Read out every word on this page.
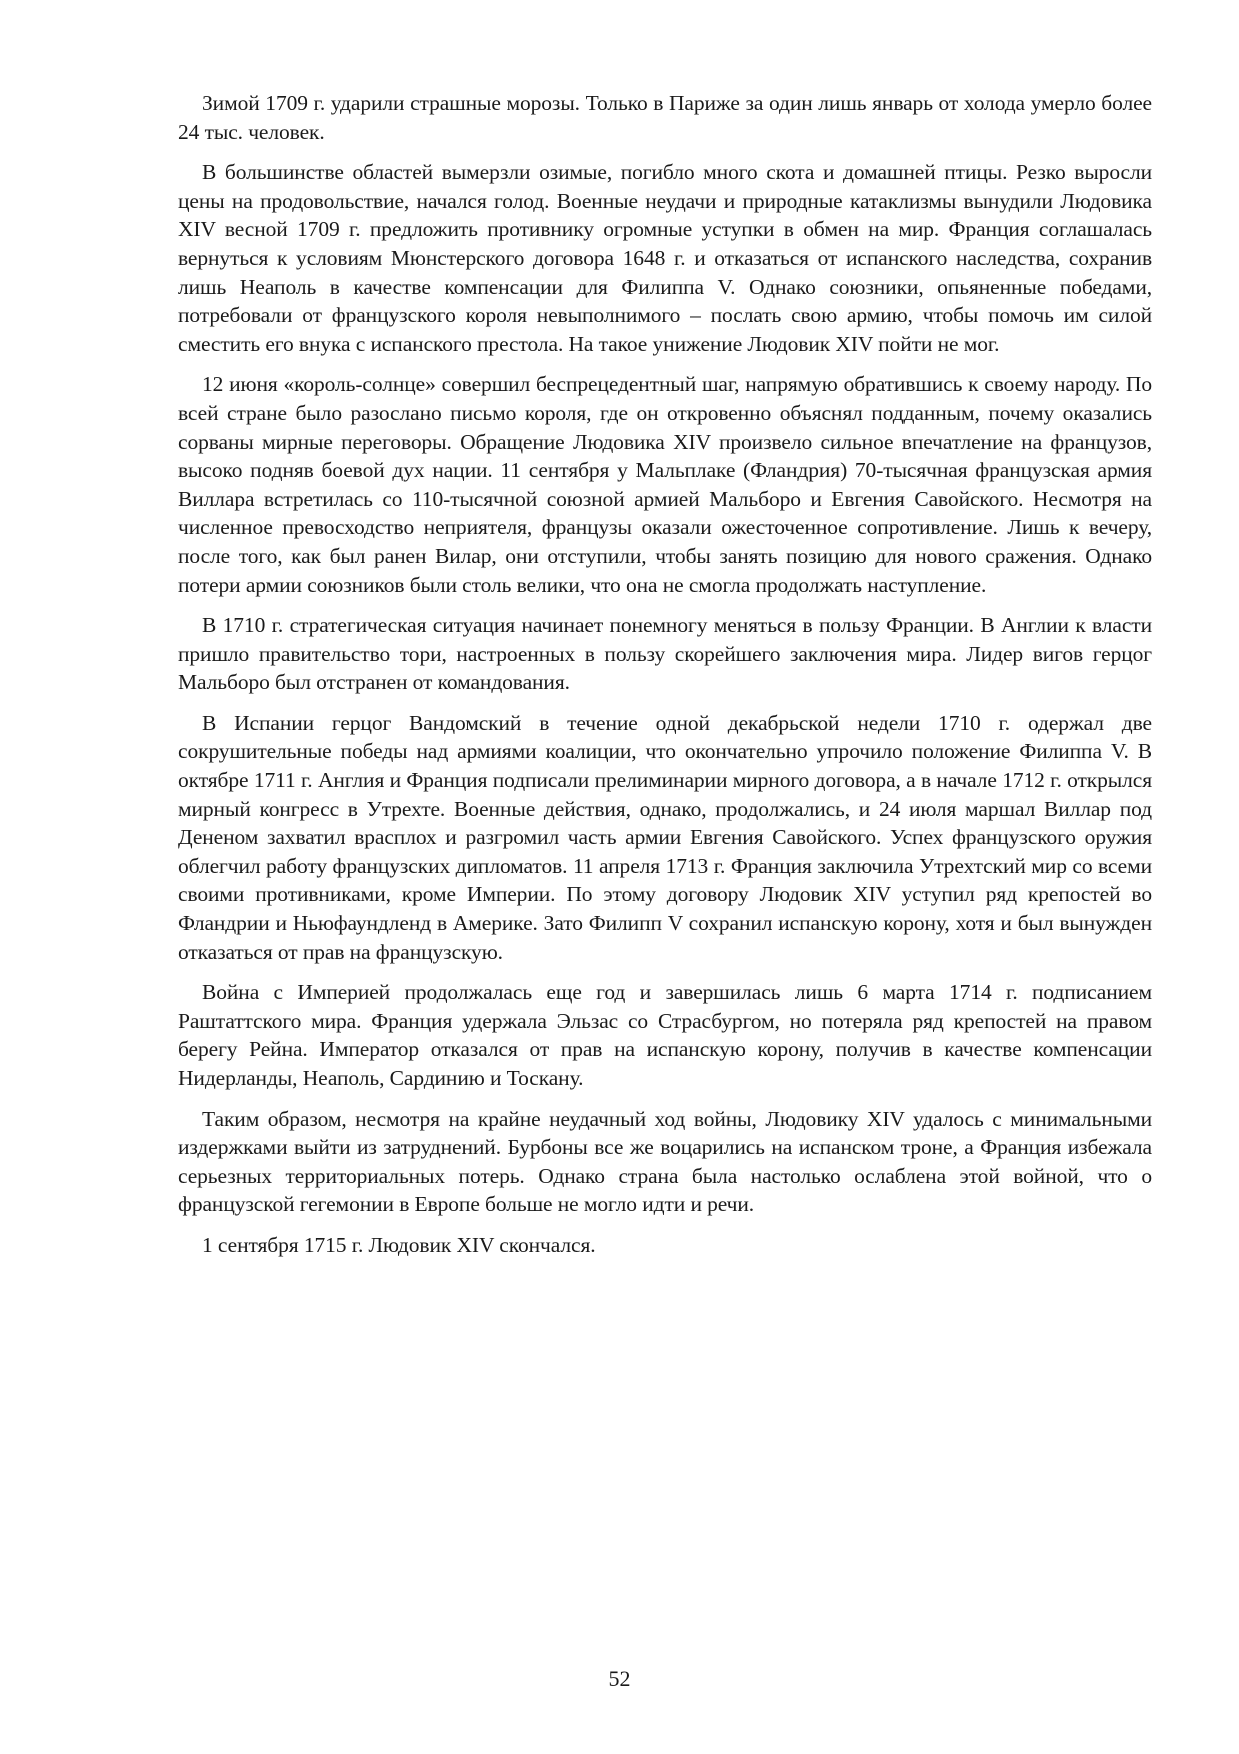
Зимой 1709 г. ударили страшные морозы. Только в Париже за один лишь январь от холода умерло более 24 тыс. человек.

В большинстве областей вымерзли озимые, погибло много скота и домашней птицы. Резко выросли цены на продовольствие, начался голод. Военные неудачи и природные катаклизмы вынудили Людовика XIV весной 1709 г. предложить противнику огромные уступки в обмен на мир. Франция соглашалась вернуться к условиям Мюнстерского договора 1648 г. и отказаться от испанского наследства, сохранив лишь Неаполь в качестве компенсации для Филиппа V. Однако союзники, опьяненные победами, потребовали от французского короля невыполнимого – послать свою армию, чтобы помочь им силой сместить его внука с испанского престола. На такое унижение Людовик XIV пойти не мог.

12 июня «король-солнце» совершил беспрецедентный шаг, напрямую обратившись к своему народу. По всей стране было разослано письмо короля, где он откровенно объяснял подданным, почему оказались сорваны мирные переговоры. Обращение Людовика XIV произвело сильное впечатление на французов, высоко подняв боевой дух нации. 11 сентября у Мальплаке (Фландрия) 70-тысячная французская армия Виллара встретилась со 110-тысячной союзной армией Мальборо и Евгения Савойского. Несмотря на численное превосходство неприятеля, французы оказали ожесточенное сопротивление. Лишь к вечеру, после того, как был ранен Вилар, они отступили, чтобы занять позицию для нового сражения. Однако потери армии союзников были столь велики, что она не смогла продолжать наступление.

В 1710 г. стратегическая ситуация начинает понемногу меняться в пользу Франции. В Англии к власти пришло правительство тори, настроенных в пользу скорейшего заключения мира. Лидер вигов герцог Мальборо был отстранен от командования.

В Испании герцог Вандомский в течение одной декабрьской недели 1710 г. одержал две сокрушительные победы над армиями коалиции, что окончательно упрочило положение Филиппа V. В октябре 1711 г. Англия и Франция подписали прелиминарии мирного договора, а в начале 1712 г. открылся мирный конгресс в Утрехте. Военные действия, однако, продолжались, и 24 июля маршал Виллар под Дененом захватил врасплох и разгромил часть армии Евгения Савойского. Успех французского оружия облегчил работу французских дипломатов. 11 апреля 1713 г. Франция заключила Утрехтский мир со всеми своими противниками, кроме Империи. По этому договору Людовик XIV уступил ряд крепостей во Фландрии и Ньюфаундленд в Америке. Зато Филипп V сохранил испанскую корону, хотя и был вынужден отказаться от прав на французскую.

Война с Империей продолжалась еще год и завершилась лишь 6 марта 1714 г. подписанием Раштаттского мира. Франция удержала Эльзас со Страсбургом, но потеряла ряд крепостей на правом берегу Рейна. Император отказался от прав на испанскую корону, получив в качестве компенсации Нидерланды, Неаполь, Сардинию и Тоскану.

Таким образом, несмотря на крайне неудачный ход войны, Людовику XIV удалось с минимальными издержками выйти из затруднений. Бурбоны все же воцарились на испанском троне, а Франция избежала серьезных территориальных потерь. Однако страна была настолько ослаблена этой войной, что о французской гегемонии в Европе больше не могло идти и речи.

1 сентября 1715 г. Людовик XIV скончался.

52
